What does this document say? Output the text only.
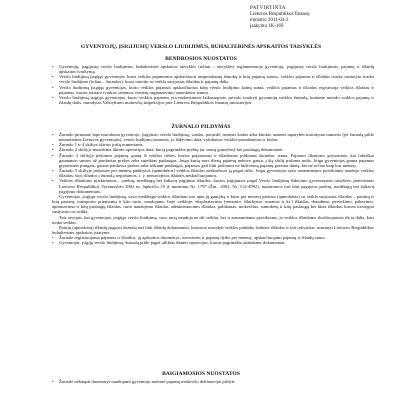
PATVIRTINTA
Lietuvos Respublikos finansų
ministro 2011-04-2
įsakymu 1K-169
GYVENTOJŲ, ĮSIGIJUSIŲ VERSLO LIUDIJIMUS, BUHALTERINĖS APSKAITOS TAISYKLĖS
BENDROSIOS NUOSTATOS
• Gyventojų, įsigijusių verslo liudijimus, buhalterinės apskaitos taisyklės (toliau – taisyklės) reglamentuoja gyventojų, įsigijusių verslo liudijimus, pajamų ir išlaidų apskaitos tvarkymą.
• Verslo liudijimą įsigijęs gyventojas, kuris veiklos pajamomis apskaičiuoti neapmokamų išmokų ir kitų pajamų sumos, veiklos pajamas ir išlaidas tvarko nustatyta tvarka verslo liudijimo (toliau – žurnalas), kuris nurodo su veikla susijusias išlaidas ir pajamų dalis.
• Verslo liudijimą įsigijęs gyventojas, kurio veiklos pajamos apskaičiuotos kaip verslo liudijimo kainų suma, veiklos pajamas ir išlaidas registruoja veiklos išlaidas ir pajamas, kurias nustato tvarkos sistemos vienetų organizavimo sumokėtos sumos.
• Verslo liudijimą įsigijęs gyventojas, kurio veiklos pajamos yra mokestiniais laikotarpiais, privalo tvarkyti gyventojų veiklos žurnalą, kuriame nurodo veiklos pajamų ir išlaidų dalis, nurodytas Valstybinės mokesčių inspekcijos prie Lietuvos Respublikos finansų ministerijos.
ŽURNALO PILDYMAS
• Žurnalo pirmame lape nurodoma gyventojo, įsigijusio verslo liudijimą, vardas, pavardė, asmens kodas arba kitokio asmens tapatybės nustatymo numeris (jei žurnalą pildo nenuolatinis Lietuvos gyventojas), verslo liudijimo numeris, jo išdavimo data, vykdomos veiklos pavadinimas ir kodas.
• Žurnalo 1 ir 4 skiltys skirtos įrašų numeriams.
• Žurnalo 2 skiltyje nurodoma ūkinės operacijos data, kurią pagrindžia prekių (ar sausų gamybos) bei paslaugų dokumentai.
• Žurnalo 3 skiltyje įrašomos pajamų, gautų iš veiklos rūšies, kurios pajamomis ir išlaidomis pildomas žurnalas, suma. Pajamos fiksuotos grynaisiais, kai faktiškai gaunamos sumos už parduotas prekes arba suteiktas paslaugas. Jeigu kurią nors dieną pajamų nebuvo gauta, į šią skiltį įrašoma nulis. Jeigu gyventojas gauna pajamas grynaisiais pinigais, gautas pardavus prekes arba teikiant paslaugas, pajamos gali būti įrašomos ne kiekvieną pajamų gavimo dieną, bet ne rečiau kaip kas mėnesį.
• Žurnalo 5 skiltyje įrašomos per mėnesį padarytos (apmokėtos) veiklos išlaidos neskaičiuot ją pagal rūšis. Jeigu gyventojas savo asmeniniams poreikiams naudojo veiklos išlaidas, šios išlaidos į žurnalą neįrašomos, t. y. nenurodytos išlaidos neskaičiuojamos.
• Veiklos išlaidoms priskiriamos – prekių, medžiagų bei žaliavų įsigijimo išlaidos, kurios įsigijamos pagal Verslo liudijimų išdavimo gyventojams taisykles, patvirtintas Lietuvos Respublikos Vyriausybės 2002 m. lapkričio 19 d. nutarimu Nr. 1797 (Žin., 2002, Nr. 112-4992), nustatomos turi būti pagrįstos prekių, medžiagų bei žaliavų įsigijimo dokumentais.

Gyventojas, įsigijęs verslo liudijimą, savo medžiaga veiklos išlaidom turi apie jų gamybą ir kitas per mėnesį patirtas (apmokėtas) su veikla susijusias išlaidas – pastatų ir kitų pastatų, transporto priemonių ir kito turto, naudojamo šioje veikloje, eksploatavimo (remonto, išlaikymo, nuomos ir kt.) išlaidas, draudimo, pervežimo, pakavimo, aptarnavimo ir kitų paslaugų išlaidas, turto naudojimo išlaidas, administracines išlaidas, palūkanas, mokesčius, sumokėtų ir kitų paslaugų bei kitas išlaidas, kurios tiesiogiai susijusios su veikla.

Tais atvejais, kai gyventojas, įsigijęs verslo liudijimą, savo turtą naudoja ne tik veiklai, bet ir asmeniniams poreikiams, jo veiklos išlaidoms skaičiuojamos tik ta dalis, kuri tenka veiklai.

Patirtų (apmokėtų) išlaidų pagrįsti žurnalą turi būti išlaidų dokumentai, kuriuose nurodyti veiklos pobūdis, būtinos išlaidos ir kiti rekvizitai, nustatyti Lietuvos Respublikos buhalterinės apskaitos įstatyme.

• Žurnale registruojama pajamos ir išlaidos, jų apskaitos duomenys, suvestinės ir pajamų dydis per mėnesį, apskaičiuojami pajamų ir išlaidų suma.
• Gyventojai, įsigiję verslo liudijimą, žurnalą pildo pagal atliktas ūkines operacijas, kurias pagrindžia atitinkami dokumentai.
BAIGIAMOSIOS NUOSTATOS
• Žurnale nekaupti duomenys naudojami gyventojo metinei pajamų mokesčio deklaracijai pildyti.
